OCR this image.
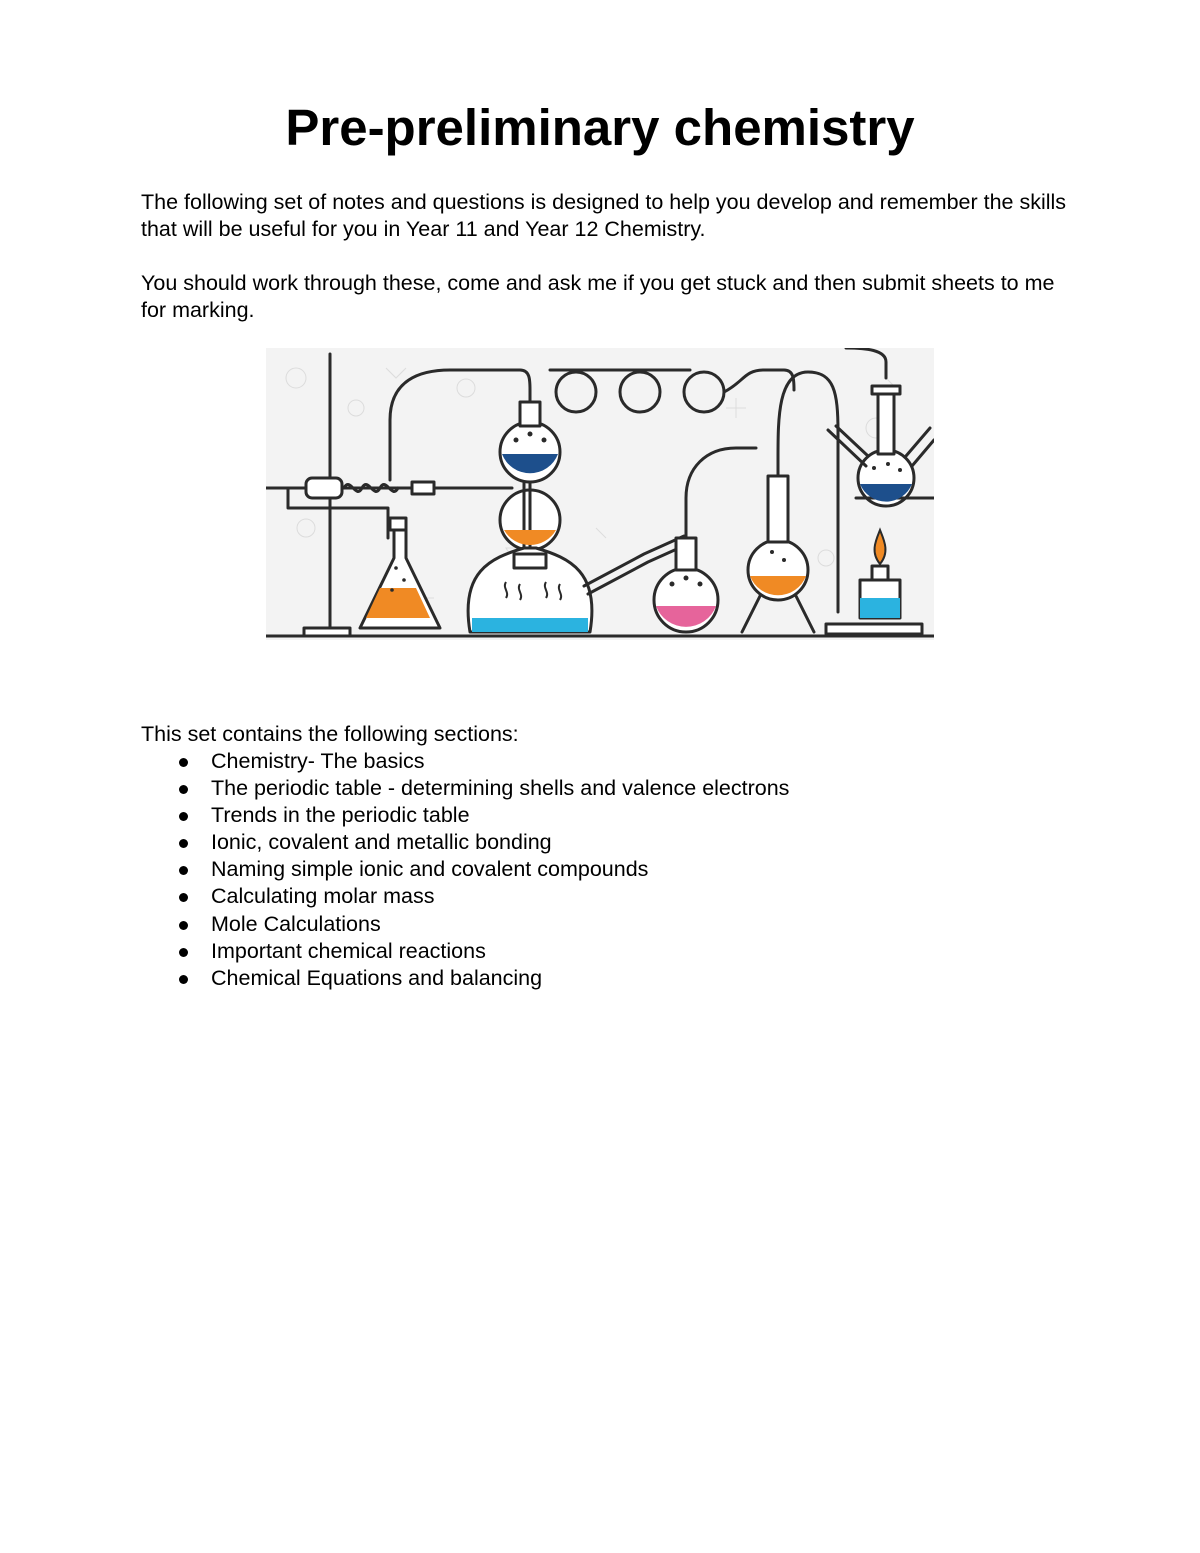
Pre-preliminary chemistry

The following set of notes and questions is designed to help you develop and remember the skills that will be useful for you in Year 11 and Year 12 Chemistry.

You should work through these, come and ask me if you get stuck and then submit sheets to me for marking.

This set contains the following sections:

Chemistry- The basics
The periodic table - determining shells and valence electrons
Trends in the periodic table
Ionic, covalent and metallic bonding
Naming simple ionic and covalent compounds
Calculating molar mass
Mole Calculations
Important chemical reactions
Chemical Equations and balancing
